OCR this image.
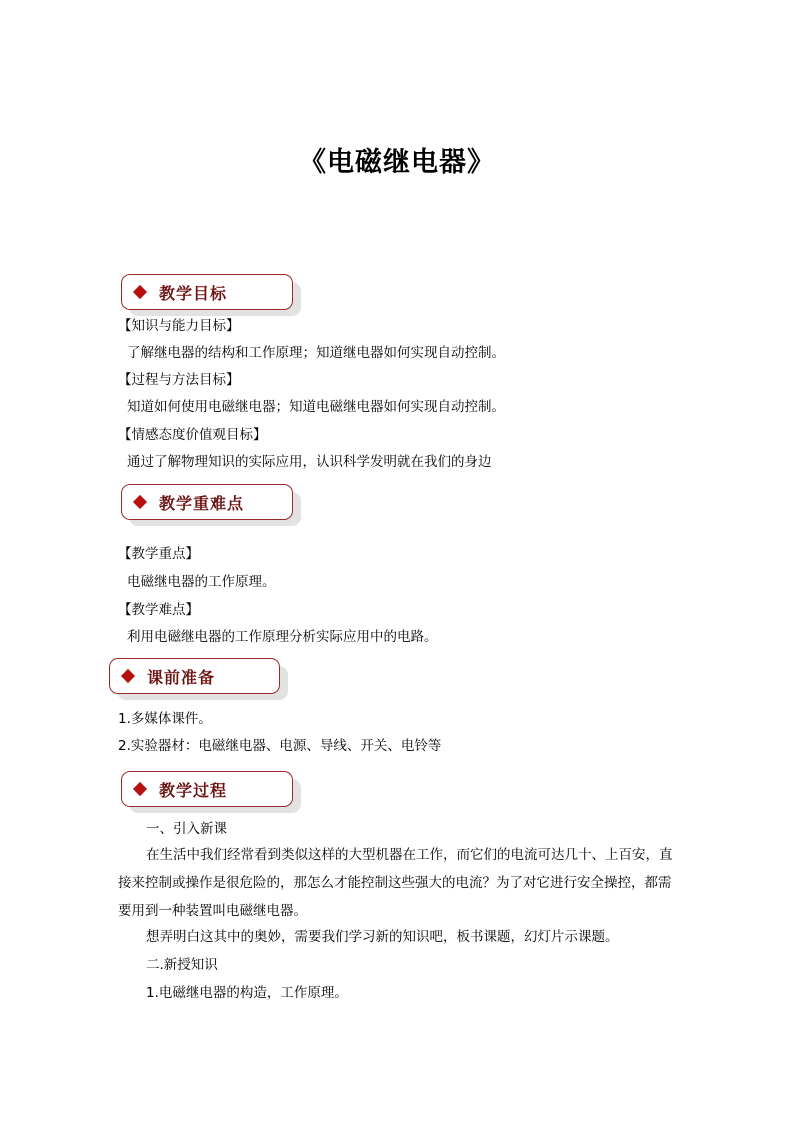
《电磁继电器》
教学目标
【知识与能力目标】
了解继电器的结构和工作原理；知道继电器如何实现自动控制。
【过程与方法目标】
知道如何使用电磁继电器；知道电磁继电器如何实现自动控制。
【情感态度价值观目标】
通过了解物理知识的实际应用，认识科学发明就在我们的身边
教学重难点
【教学重点】
电磁继电器的工作原理。
【教学难点】
利用电磁继电器的工作原理分析实际应用中的电路。
课前准备
1.多媒体课件。
2.实验器材：电磁继电器、电源、导线、开关、电铃等
教学过程
一、引入新课
在生活中我们经常看到类似这样的大型机器在工作，而它们的电流可达几十、上百安，直接来控制或操作是很危险的，那怎么才能控制这些强大的电流？为了对它进行安全操控，都需要用到一种装置叫电磁继电器。
想弄明白这其中的奥妙，需要我们学习新的知识吧，板书课题，幻灯片示课题。
二.新授知识
1.电磁继电器的构造，工作原理。
